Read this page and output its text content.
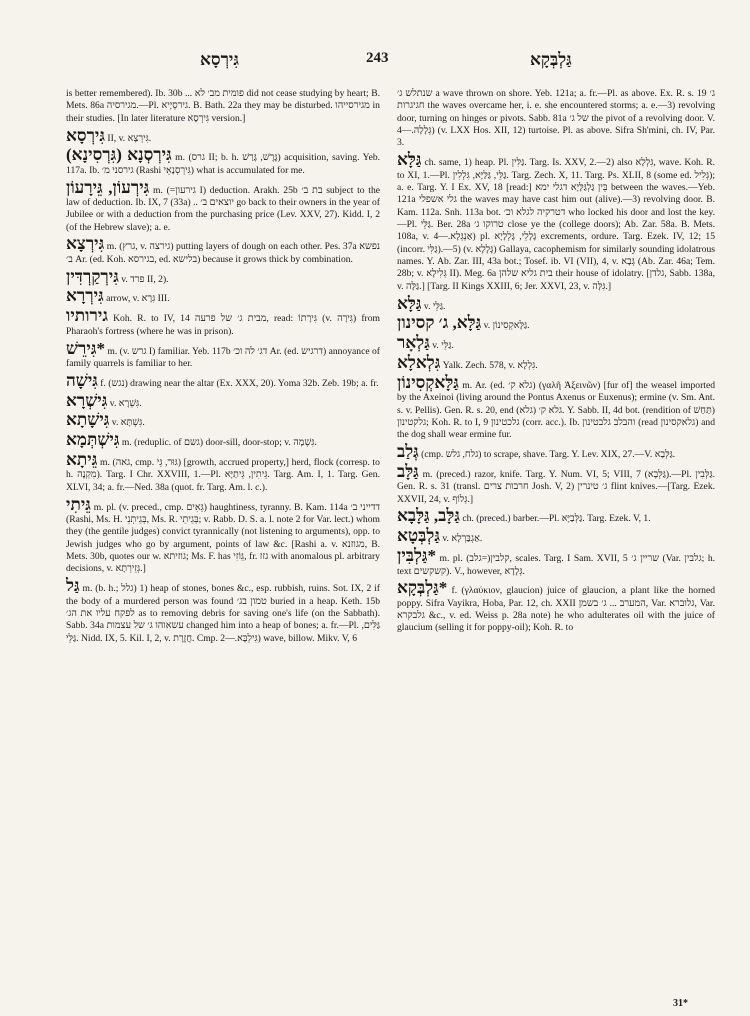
גִּירְסָא	243	גַּלְבְּקָא

is better remembered). Ib. 30b ... פומית מב׳ לא did not cease studying by heart; B. Mets. 86a מגירסיה.—Pl. גירסְיָיא. B. Bath. 22a they may be disturbed. מגירסייהו in their studies. [In later literature גִּירְסָא version.]

גִּירְסָא II, v. גִּירְצָא.

גִּירְסְנָא (גִּרְסִינָא) m. (גרס II; b. h. גֶּרֶשׁ, גָּרַשׁ) acquisition, saving. Yeb. 117a. Ib. גירסני מ׳ (Rashi גִּירְסְנָאֵי) what is accumulated for me.

גִּירְעוֹן, גֵּירָעוֹן m. (=גירעון I) deduction. Arakh. 25b בת ב׳ subject to the law of deduction. Ib. IX, 7 (33a) .. יוצאים ב׳ go back to their owners in the year of Jubilee or with a deduction from the purchasing price (Lev. XXV, 27). Kidd. I, 2 (of the Hebrew slave); a. e.

גִּירְצָא m. (גרץ, v. גירצה) putting layers of dough on each other. Pes. 37a נפשא ב׳ Ar. (ed. Koh. בגירסא, ed. בלישא) because it grows thick by combination.

גִּירְקַרְדִּין v. פרד II, 2).

גִּירְרָא arrow, v. גִּרָא III.

גירותיו Koh. R. to IV, 14 מבית ג׳ של פרעה, read: גִּירָתוֹ (v. גִּירָה) from Pharaoh's fortress (where he was in prison).

*גִּירֵשׁ m. (v. גרש I) familiar. Yeb. 117b דג׳ לה וכ׳ Ar. (ed. דרגיש) annoyance of family quarrels is familiar to her.

גִּישָׁה f. (נגש) drawing near the altar (Ex. XXX, 20). Yoma 32b. Zeb. 19b; a. fr.

גִּישְׁרָא v. גִּשְׁרָא.

גִּישָׁתָא v. גִּשְׁתָּא.

גִּישְׁתְּמָא m. (reduplic. of גשם) door-sill, door-stop; v. גִּשְׁמָה.

גֵּיתָא m. (גאה, cmp. גּוּר, גֵּי) [growth, accrued property,] herd, flock (corresp. to h. מִקְנֶה). Targ. I Chr. XXVIII, 1.—Pl. גֵּיתִין, גֵּיתַיָּא. Targ. Am. I, 1. Targ. Gen. XLVI, 34; a. fr.—Ned. 38a (quot. fr. Targ. Am. l. c.).

גֵּיתִי m. pl. (v. preced., cmp. גֵּאִים) haughtiness, tyranny. B. Kam. 114a דדייני ב׳ (Rashi, Ms. H. בְּגֵיתְנֵי, Ms. R. בְּגֵיתֵי; v. Rabb. D. S. a. l. note 2 for Var. lect.) whom they (the gentile judges) convict tyrannically (not listening to arguments), opp. to Jewish judges who go by argument, points of law &c. [Rashi a. v. מגוזנא, B. Mets. 30b, quotes our w. גוזיתא; Ms. F. has גֵּוֹזִי, fr. גזז with anomalous pl. arbitrary decisions, v. גְּזֵירְתָא.]

גַּל m. (b. h.; גלל) 1) heap of stones, bones &c., esp. rubbish, ruins. Sot. IX, 2 if the body of a murdered person was found טמון בג׳ buried in a heap. Keth. 15b לפקח עליו את הג׳ as to removing debris for saving one's life (on the Sabbath). Sabb. 34a עשאוהו ג׳ של עצמות changed him into a heap of bones; a. fr.—Pl. גַּלִּים, גַּלֵּי. Nidd. IX, 5. Kil. I, 2, v. חֲזֶרֶת. Cmp. גִּילְבָּא.—2) wave, billow. Mikv. V, 6

שנתלש ג׳ a wave thrown on shore. Yeb. 121a; a. fr.—Pl. as above. Ex. R. s. 19 ג׳ חגיגרות the waves overcame her, i. e. she encountered storms; a. e.—3) revolving door, turning on hinges or pivots. Sabb. 81a של ג׳ the pivot of a revolving door. V. גְּלָלָה.—4) (v. LXX Hos. XII, 12) turtoise. Pl. as above. Sifra Sh'mini, ch. IV, Par. 3.

גַּלָּא ch. same, 1) heap. Pl. גַּלִּין. Targ. Is. XXV, 2.—2) also גִּלְלָא, wave. Koh. R. to XI, 1.—Pl. גַּלֵּי, גַּלַּיָּא, גִּלְלִין. Targ. Zech. X, 11. Targ. Ps. XLII, 8 (some ed. גְּלִיל); a. e. Targ. Y. I Ex. XV, 18 [read:] בֵּין גַּלְגַּלָּיָא דגלי ימא between the waves.—Yeb. 121a גלי אשפלי the waves may have cast him out (alive).—3) revolving door. B. Kam. 112a. Snh. 113a bot. דטרקיה לגלא וכ׳ who locked his door and lost the key.—Pl. גַּלֵּי. Ber. 28a טרוקו ג׳ close ye the (college doors); Ab. Zar. 58a. B. Mets. 108a, v. אַנְגְּלָא.—4) pl. גָּלָלֵי, גָּלְלָיָא excrements, ordure. Targ. Ezek. IV, 12; 15 (incorr. גַּלִּי).—5) (v. גָּלָלָא) Gallaya, cacophemism for similarly sounding idolatrous names. Y. Ab. Zar. III, 43a bot.; Tosef. ib. VI (VII), 4, v. גְּבָא (Ab. Zar. 46a; Tem. 28b; v. גְּלִילָא II). Meg. 6a בית גליא שלהן their house of idolatry. [גלדן, Sabb. 138a, v. גַּלָּה.] [Targ. II Kings XXIII, 6; Jer. XXVI, 23, v. גִּלָּה.]

גַּלָּא v. גַּלֵּי.

גַּלָּא, ג׳ קסינון v. גַּלָּאקְסִינוֹן.

גַּלְאָר v. גַּלֵּי.

גִּלְאלָא Yalk. Zech. 578, v. גִּלְלָא.

גַּלָּאקְסִינוֹן m. Ar. (ed. גלא ק׳) (γαλῆ Ἀξεινῶν) [fur of] the weasel imported by the Axeinoi (living around the Pontus Axenus or Euxenus); ermine (v. Sm. Ant. s. v. Pellis). Gen. R. s. 20, end גלא ק׳ (גלא). Y. Sabb. II, 4d bot. (rendition of תַּחַשׁ) גלקטינון; Koh. R. to I, 9 גלכטינון (corr. acc.). Ib. והבלב גלבטינון (read גלאקסינון) and the dog shall wear ermine fur.

גְּלַב (cmp. גלח, גלש) to scrape, shave. Targ. Y. Lev. XIX, 27.—V. גַּלְּבָא.

גַּלָּב m. (preced.) razor, knife. Targ. Y. Num. VI, 5; VIII, 7 (גַּלְּבָא).—Pl. גַּלְּבִין. Gen. R. s. 31 (transl. חרבות צרים Josh. V, 2) ג׳ טינרין flint knives.—[Targ. Ezek. XXVII, 24, v. גְּלוֹף.]

גַּלָּב, גַּלָּבָא ch. (preced.) barber.—Pl. גַּלְּבַיָּא. Targ. Ezek. V, 1.

גַּלְבְּטָא v. אַגְבַּרְלָא.

*גַּלְבִּין m. pl. (גלב=)קלבין, scales. Targ. I Sam. XVII, 5 שריין ג׳ (Var. גלבין; h. text קשקשים). V., however, גְּלָדָא.

*גַּלְבְּקָא f. (γλαύκιον, glaucion) juice of glaucion, a plant like the horned poppy. Sifra Vayikra, Hoba, Par. 12, ch. XXII המערב ... ג׳ בשמן, Var. גלוברא, Var. גלבקרא &c., v. ed. Weiss p. 28a note) he who adulterates oil with the juice of glaucium (selling it for poppy-oil); Koh. R. to

31*
